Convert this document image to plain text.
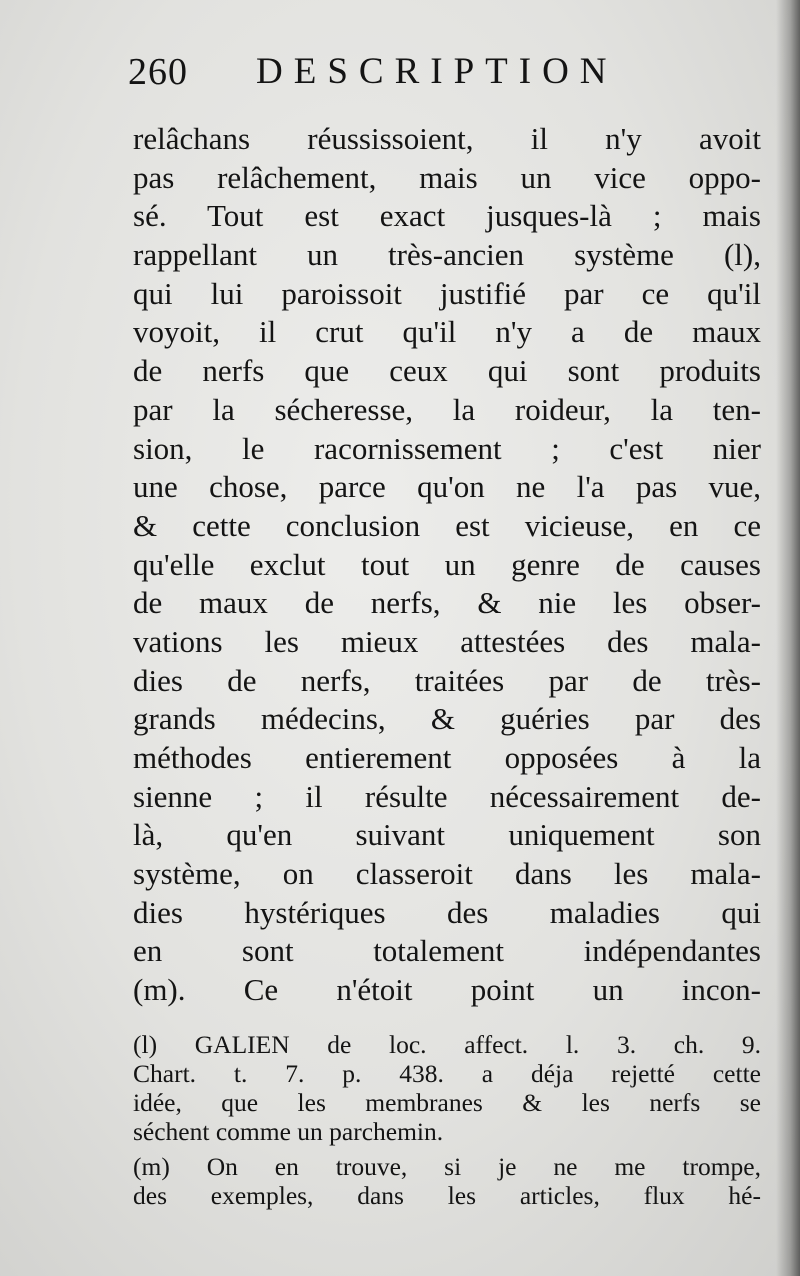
260 DESCRIPTION
relâchans réussissoient, il n'y avoit
pas relâchement, mais un vice oppo-
sé. Tout est exact jusques-là ; mais
rappellant un très-ancien système (l),
qui lui paroissoit justifié par ce qu'il
voyoit, il crut qu'il n'y a de maux
de nerfs que ceux qui sont produits
par la sécheresse, la roideur, la ten-
sion, le racornissement ; c'est nier
une chose, parce qu'on ne l'a pas vue,
& cette conclusion est vicieuse, en ce
qu'elle exclut tout un genre de causes
de maux de nerfs, & nie les obser-
vations les mieux attestées des mala-
dies de nerfs, traitées par de très-
grands médecins, & guéries par des
méthodes entierement opposées à la
sienne ; il résulte nécessairement de-
là, qu'en suivant uniquement son
système, on classeroit dans les mala-
dies hystériques des maladies qui
en sont totalement indépendantes
(m). Ce n'étoit point un incon-
(l) GALIEN de loc. affect. l. 3. ch. 9.
Chart. t. 7. p. 438. a déja rejetté cette
idée, que les membranes & les nerfs se
séchent comme un parchemin.
(m) On en trouve, si je ne me trompe,
des exemples, dans les articles, flux hé-
